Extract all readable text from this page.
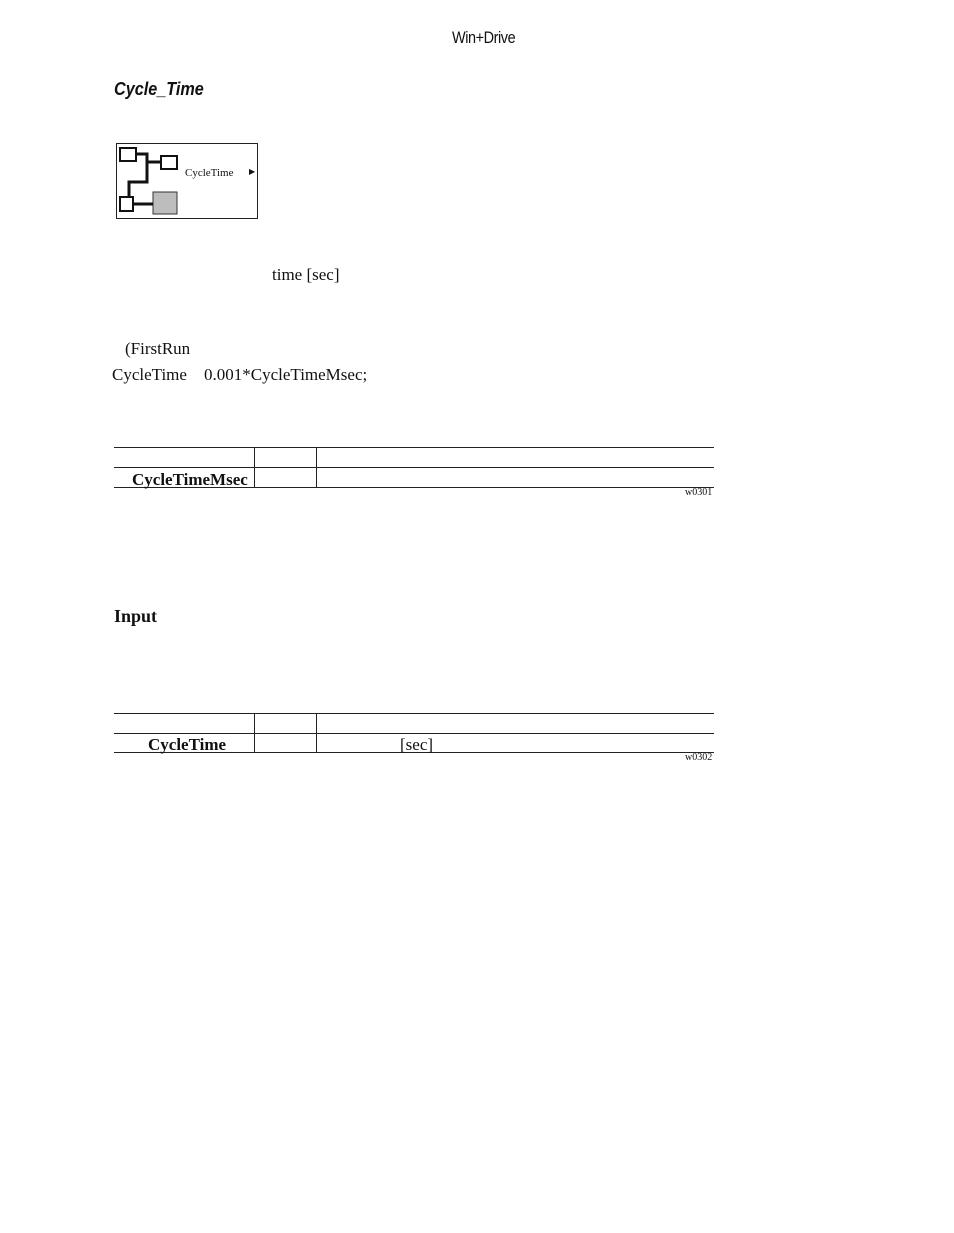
Win+Drive
Cycle_Time
CycleTime ▶
time [sec]
(FirstRun
CycleTime 0.001*CycleTimeMsec;
CycleTimeMsec
w0301
Input
CycleTime	[sec]
w0302
